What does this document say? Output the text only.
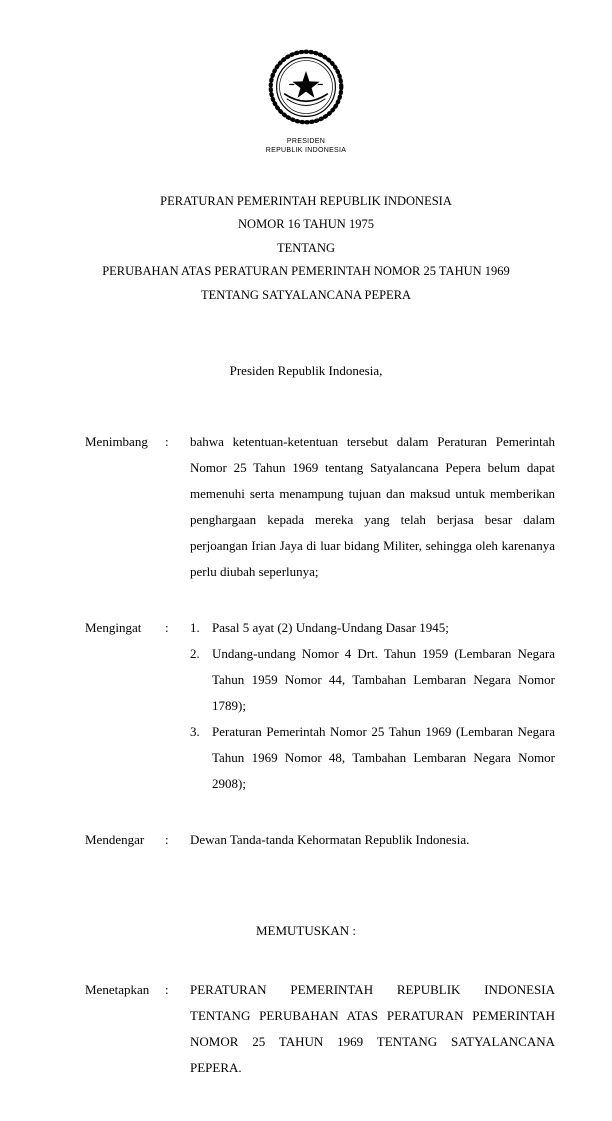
PRESIDEN
REPUBLIK INDONESIA
PERATURAN PEMERINTAH REPUBLIK INDONESIA
NOMOR 16 TAHUN 1975
TENTANG
PERUBAHAN ATAS PERATURAN PEMERINTAH NOMOR 25 TAHUN 1969
TENTANG SATYALANCANA PEPERA

Presiden Republik Indonesia,

Menimbang	:	bahwa ketentuan-ketentuan tersebut dalam Peraturan Pemerintah Nomor 25 Tahun 1969 tentang Satyalancana Pepera belum dapat memenuhi serta menampung tujuan dan maksud untuk memberikan penghargaan kepada mereka yang telah berjasa besar dalam perjoangan Irian Jaya di luar bidang Militer, sehingga oleh karenanya perlu diubah seperlunya;
Mengingat	:	1. Pasal 5 ayat (2) Undang-Undang Dasar 1945;
2. Undang-undang Nomor 4 Drt. Tahun 1959 (Lembaran Negara Tahun 1959 Nomor 44, Tambahan Lembaran Negara Nomor 1789);
3. Peraturan Pemerintah Nomor 25 Tahun 1969 (Lembaran Negara Tahun 1969 Nomor 48, Tambahan Lembaran Negara Nomor 2908);
Mendengar	:	Dewan Tanda-tanda Kehormatan Republik Indonesia.

MEMUTUSKAN :

Menetapkan	:	PERATURAN PEMERINTAH REPUBLIK INDONESIA TENTANG PERUBAHAN ATAS PERATURAN PEMERINTAH NOMOR 25 TAHUN 1969 TENTANG SATYALANCANA PEPERA.
